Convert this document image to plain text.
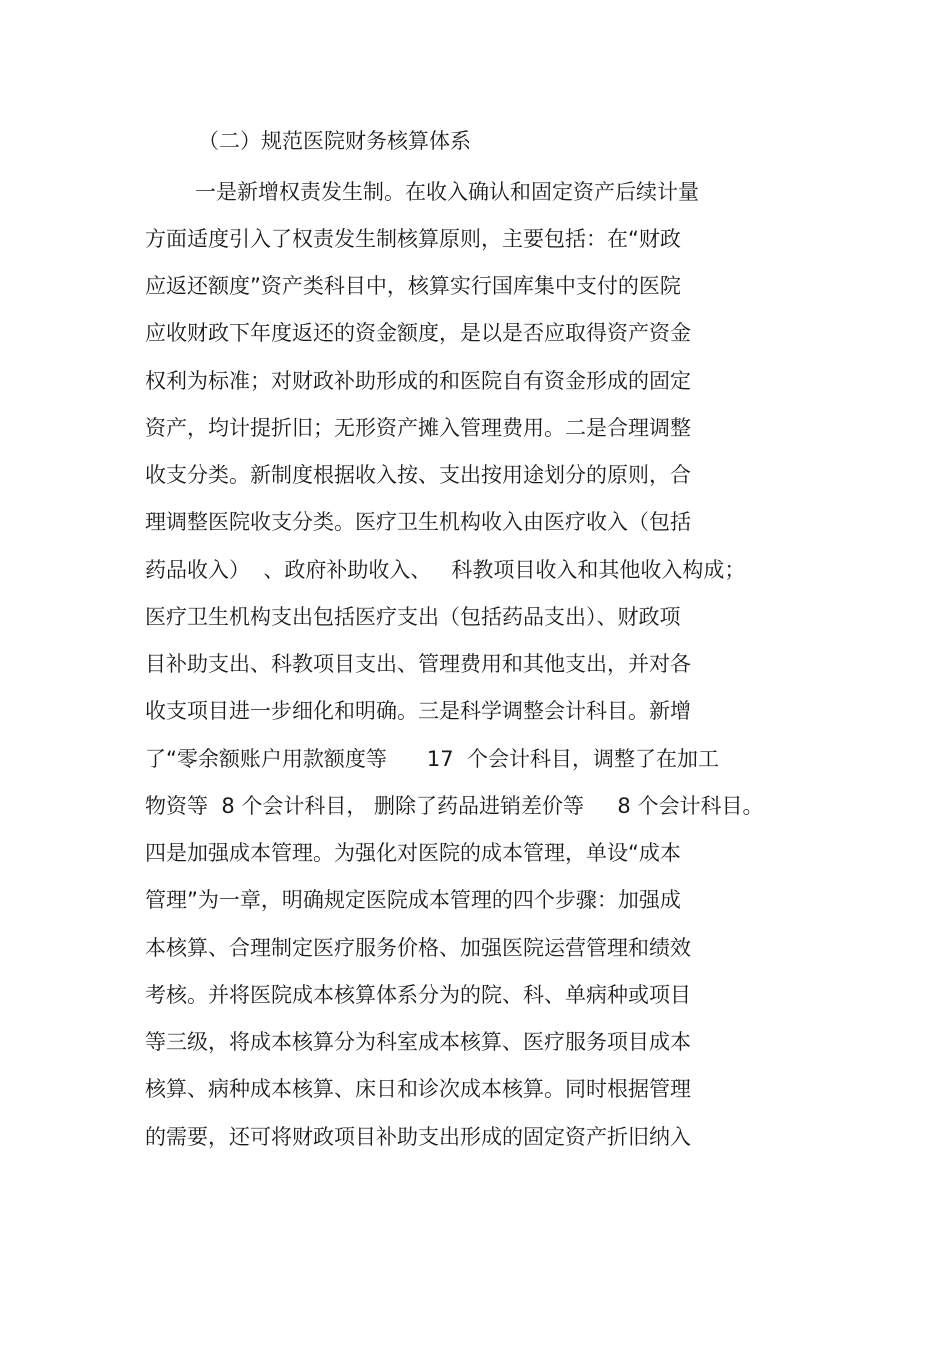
（二）规范医院财务核算体系
一是新增权责发生制。在收入确认和固定资产后续计量
方面适度引入了权责发生制核算原则，主要包括：在“财政
应返还额度”资产类科目中，核算实行国库集中支付的医院
应收财政下年度返还的资金额度，是以是否应取得资产资金
权利为标准；对财政补助形成的和医院自有资金形成的固定
资产，均计提折旧；无形资产摊入管理费用。二是合理调整
收支分类。新制度根据收入按、支出按用途划分的原则，合
理调整医院收支分类。医疗卫生机构收入由医疗收入（包括
药品收入）  、政府补助收入、   科教项目收入和其他收入构成；
医疗卫生机构支出包括医疗支出（包括药品支出）、财政项
目补助支出、科教项目支出、管理费用和其他支出，并对各
收支项目进一步细化和明确。三是科学调整会计科目。新增
了“零余额账户用款额度等      17  个会计科目，调整了在加工
物资等  8 个会计科目， 删除了药品进销差价等     8 个会计科目。
四是加强成本管理。为强化对医院的成本管理，单设“成本
管理”为一章，明确规定医院成本管理的四个步骤：加强成
本核算、合理制定医疗服务价格、加强医院运营管理和绩效
考核。并将医院成本核算体系分为的院、科、单病种或项目
等三级，将成本核算分为科室成本核算、医疗服务项目成本
核算、病种成本核算、床日和诊次成本核算。同时根据管理
的需要，还可将财政项目补助支出形成的固定资产折旧纳入
